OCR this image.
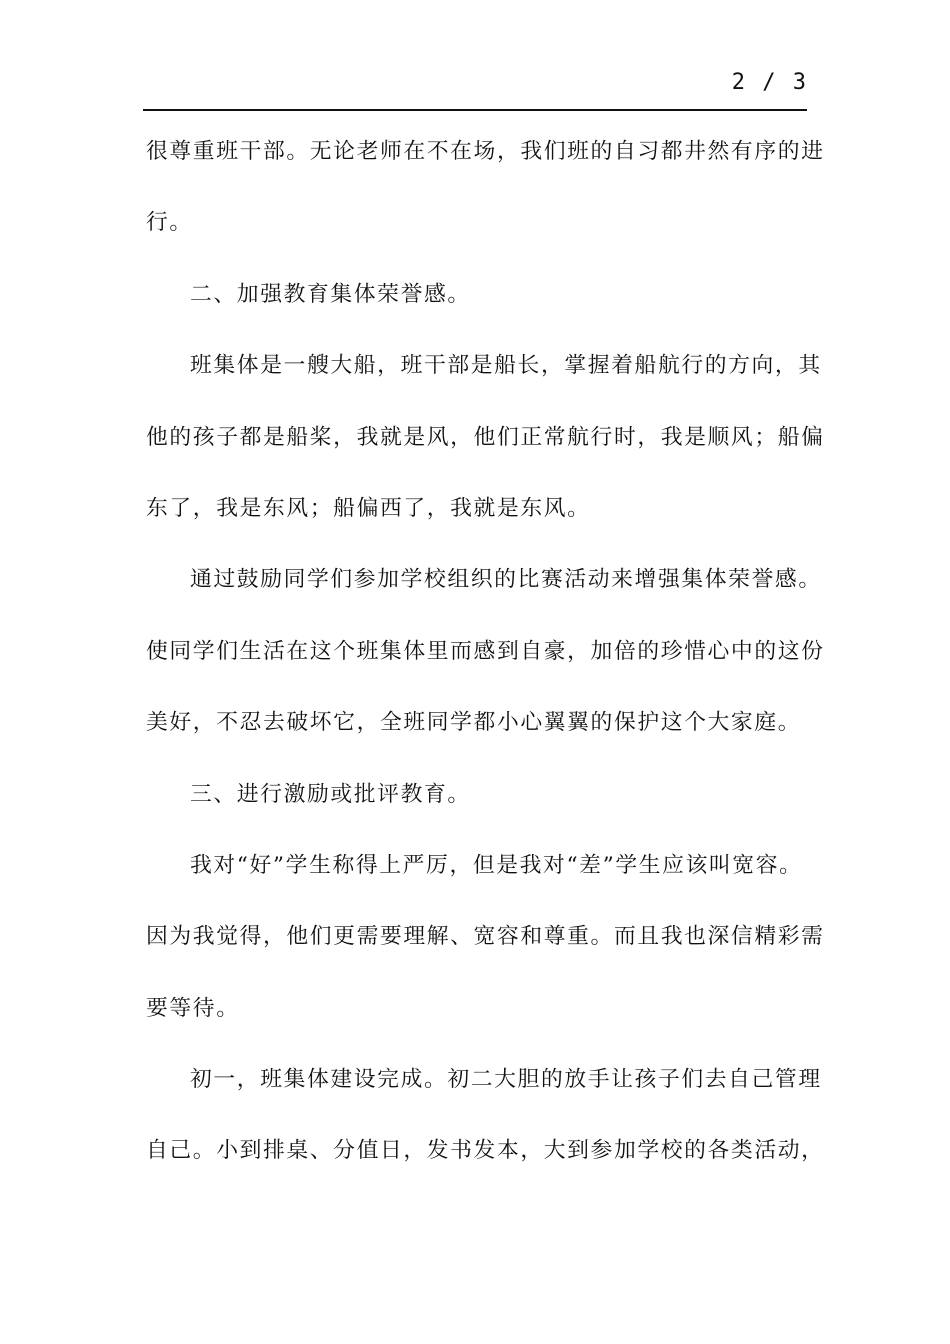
2 / 3
很尊重班干部。无论老师在不在场，我们班的自习都井然有序的进
行。
二、加强教育集体荣誉感。
班集体是一艘大船，班干部是船长，掌握着船航行的方向，其
他的孩子都是船桨，我就是风，他们正常航行时，我是顺风；船偏
东了，我是东风；船偏西了，我就是东风。
通过鼓励同学们参加学校组织的比赛活动来增强集体荣誉感。
使同学们生活在这个班集体里而感到自豪，加倍的珍惜心中的这份
美好，不忍去破坏它，全班同学都小心翼翼的保护这个大家庭。
三、进行激励或批评教育。
我对“好”学生称得上严厉，但是我对“差”学生应该叫宽容。
因为我觉得，他们更需要理解、宽容和尊重。而且我也深信精彩需
要等待。
初一，班集体建设完成。初二大胆的放手让孩子们去自己管理
自己。小到排桌、分值日，发书发本，大到参加学校的各类活动，
